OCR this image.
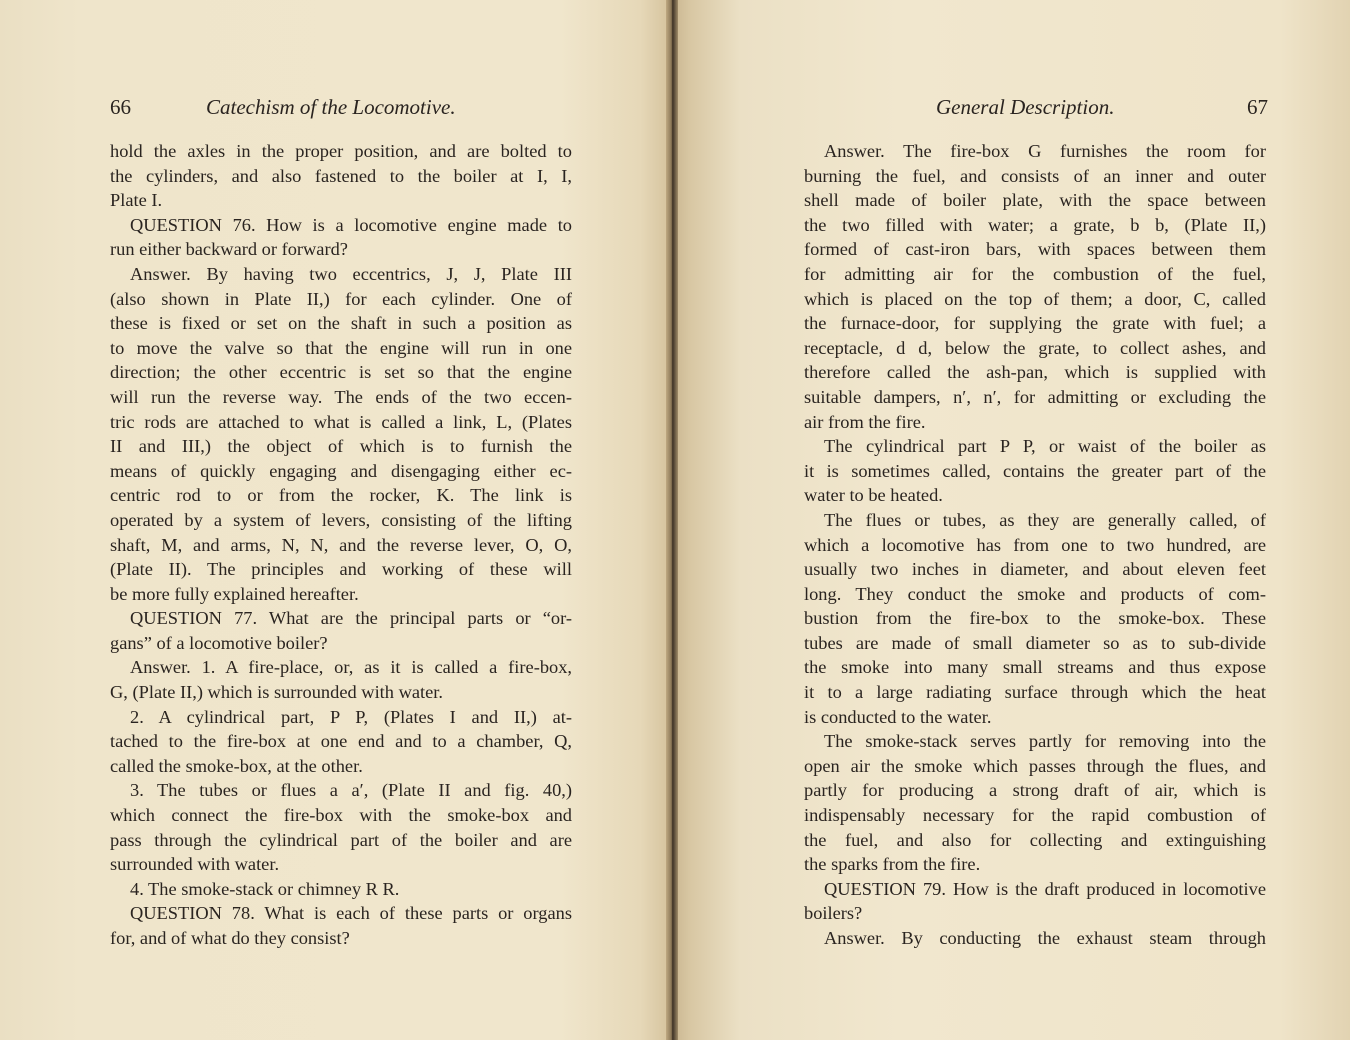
66	Catechism of the Locomotive.
hold the axles in the proper position, and are bolted to
the cylinders, and also fastened to the boiler at I, I,
Plate I.
QUESTION 76. How is a locomotive engine made to
run either backward or forward?
Answer. By having two eccentrics, J, J, Plate III
(also shown in Plate II,) for each cylinder. One of
these is fixed or set on the shaft in such a position as
to move the valve so that the engine will run in one
direction; the other eccentric is set so that the engine
will run the reverse way. The ends of the two eccen-
tric rods are attached to what is called a link, L, (Plates
II and III,) the object of which is to furnish the
means of quickly engaging and disengaging either ec-
centric rod to or from the rocker, K. The link is
operated by a system of levers, consisting of the lifting
shaft, M, and arms, N, N, and the reverse lever, O, O,
(Plate II). The principles and working of these will
be more fully explained hereafter.
QUESTION 77. What are the principal parts or “or-
gans” of a locomotive boiler?
Answer. 1. A fire-place, or, as it is called a fire-box,
G, (Plate II,) which is surrounded with water.
2. A cylindrical part, P P, (Plates I and II,) at-
tached to the fire-box at one end and to a chamber, Q,
called the smoke-box, at the other.
3. The tubes or flues a a′, (Plate II and fig. 40,)
which connect the fire-box with the smoke-box and
pass through the cylindrical part of the boiler and are
surrounded with water.
4. The smoke-stack or chimney R R.
QUESTION 78. What is each of these parts or organs
for, and of what do they consist?
General Description.	67
Answer. The fire-box G furnishes the room for
burning the fuel, and consists of an inner and outer
shell made of boiler plate, with the space between
the two filled with water; a grate, b b, (Plate II,)
formed of cast-iron bars, with spaces between them
for admitting air for the combustion of the fuel,
which is placed on the top of them; a door, C, called
the furnace-door, for supplying the grate with fuel; a
receptacle, d d, below the grate, to collect ashes, and
therefore called the ash-pan, which is supplied with
suitable dampers, n′, n′, for admitting or excluding the
air from the fire.
The cylindrical part P P, or waist of the boiler as
it is sometimes called, contains the greater part of the
water to be heated.
The flues or tubes, as they are generally called, of
which a locomotive has from one to two hundred, are
usually two inches in diameter, and about eleven feet
long. They conduct the smoke and products of com-
bustion from the fire-box to the smoke-box. These
tubes are made of small diameter so as to sub-divide
the smoke into many small streams and thus expose
it to a large radiating surface through which the heat
is conducted to the water.
The smoke-stack serves partly for removing into the
open air the smoke which passes through the flues, and
partly for producing a strong draft of air, which is
indispensably necessary for the rapid combustion of
the fuel, and also for collecting and extinguishing
the sparks from the fire.
QUESTION 79. How is the draft produced in locomotive
boilers?
Answer. By conducting the exhaust steam through
